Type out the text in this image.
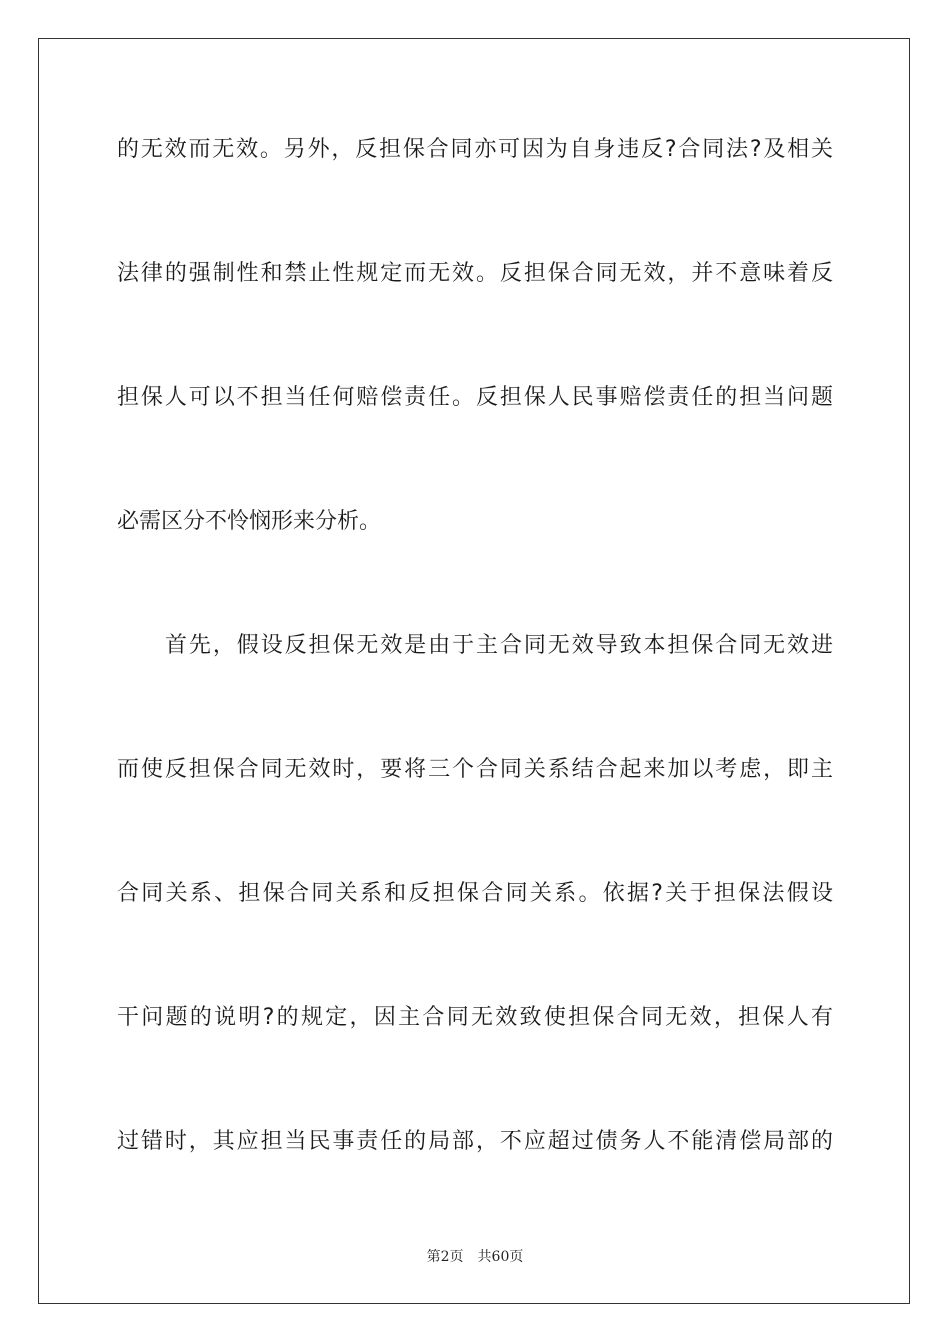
的无效而无效。另外，反担保合同亦可因为自身违反?合同法?及相关

法律的强制性和禁止性规定而无效。反担保合同无效，并不意味着反

担保人可以不担当任何赔偿责任。反担保人民事赔偿责任的担当问题

必需区分不怜悯形来分析。

首先，假设反担保无效是由于主合同无效导致本担保合同无效进

而使反担保合同无效时，要将三个合同关系结合起来加以考虑，即主

合同关系、担保合同关系和反担保合同关系。依据?关于担保法假设

干问题的说明?的规定，因主合同无效致使担保合同无效，担保人有

过错时，其应担当民事责任的局部，不应超过债务人不能清偿局部的

第2页 共60页
